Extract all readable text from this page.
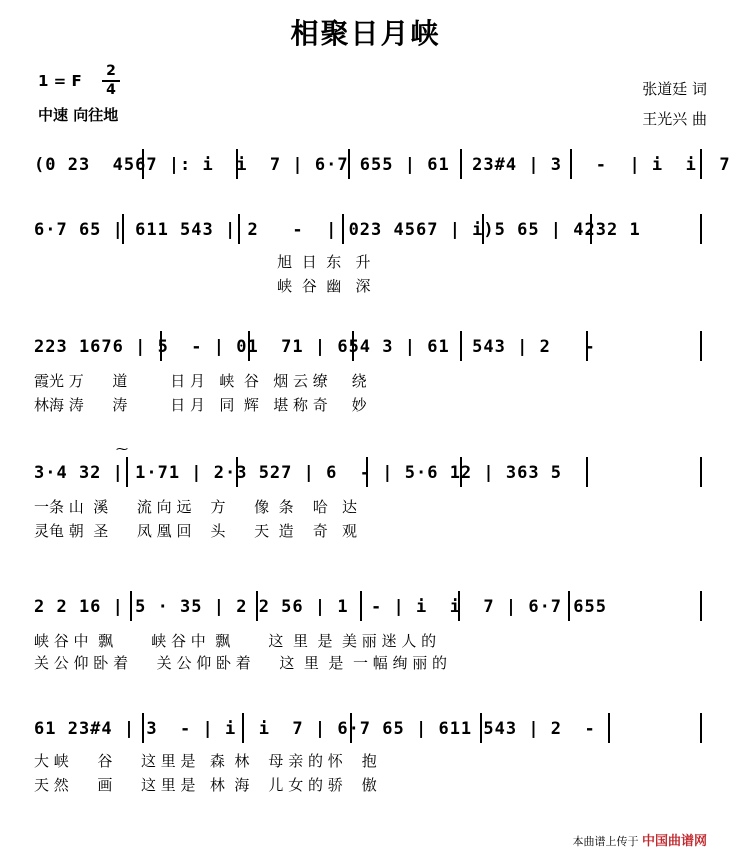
相聚日月峡
1 = F
2
4
中速 向往地
张道廷 词
王光兴 曲
(0 23  4567 |: i  i  7 | 6·7 655 | 61  23#4 | 3   -  | i  i  7
6·7 65 | 611 543 | 2   -  | 023 4567 | i)5 65 | 4232 1
旭  日  东   升
峡  谷  幽   深
223 1676 | 5  - | 01  71 | 654 3 | 61  543 | 2   -
霞光 万      道         日 月   峡  谷   烟 云 缭     绕
林海 涛      涛         日 月   同  辉   堪 称 奇     妙
⁓
3·4 32 | 1·71 | 2·3 527 | 6  - | 5·6 12 | 363 5
一条 山  溪      流 向 远    方      像  条    哈   达
灵龟 朝  圣      凤 凰 回    头      天  造    奇   观
2 2 16 | 5 · 35 | 2 2 56 | 1  - | i  i  7 | 6·7 655
峡 谷 中  飘        峡 谷 中  飘        这  里  是  美 丽 迷 人 的
关 公 仰 卧 着      关 公 仰 卧 着      这  里  是  一 幅 绚 丽 的
61 23#4 | 3  - | i  i  7 | 6·7 65 | 611 543 | 2  -
大 峡      谷      这 里 是   森  林    母 亲 的 怀    抱
天 然      画      这 里 是   林  海    儿 女 的 骄    傲
本曲谱上传于 中国曲谱网
